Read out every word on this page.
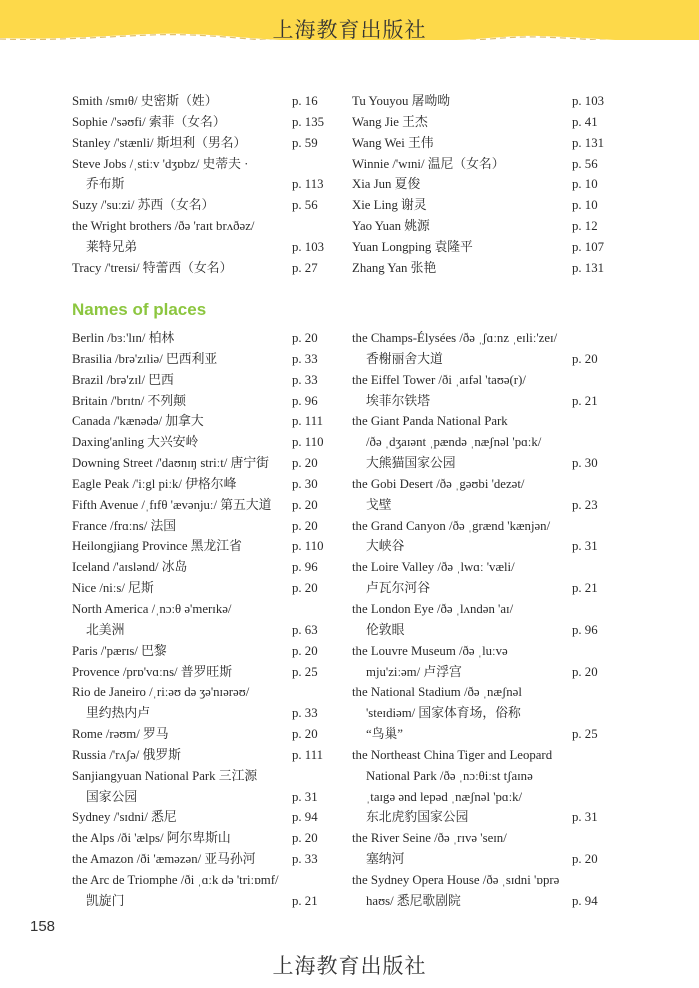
上海教育出版社
Smith /smɪθ/ 史密斯（姓）	p. 16
Sophie /'səʊfi/ 索菲（女名）	p. 135
Stanley /'stænli/ 斯坦利（男名）	p. 59
Steve Jobs /ˌstiːv 'dʒɒbz/ 史蒂夫 ·
乔布斯	p. 113
Suzy /'suːzi/ 苏西（女名）	p. 56
the Wright brothers /ðə 'raɪt brʌðəz/
莱特兄弟	p. 103
Tracy /'treɪsi/ 特蕾西（女名）	p. 27
Tu Youyou 屠呦呦	p. 103
Wang Jie 王杰	p. 41
Wang Wei 王伟	p. 131
Winnie /'wɪni/ 温尼（女名）	p. 56
Xia Jun 夏俊	p. 10
Xie Ling 谢灵	p. 10
Yao Yuan 姚源	p. 12
Yuan Longping 袁隆平	p. 107
Zhang Yan 张艳	p. 131
Names of places
Berlin /bɜː'lɪn/ 柏林	p. 20
Brasilia /brə'zɪliə/ 巴西利亚	p. 33
Brazil /brə'zɪl/ 巴西	p. 33
Britain /'brɪtn/ 不列颠	p. 96
Canada /'kænədə/ 加拿大	p. 111
Daxing'anling 大兴安岭	p. 110
Downing Street /'daʊnɪŋ striːt/ 唐宁街 p. 20
Eagle Peak /'iːgl piːk/ 伊格尔峰	p. 30
Fifth Avenue /ˌfɪfθ 'ævənjuː/ 第五大道 p. 20
France /frɑːns/ 法国	p. 20
Heilongjiang Province 黑龙江省	p. 110
Iceland /'aɪslənd/ 冰岛	p. 96
Nice /niːs/ 尼斯	p. 20
North America /ˌnɔːθ ə'merɪkə/
北美洲	p. 63
Paris /'pærɪs/ 巴黎	p. 20
Provence /prɒ'vɑːns/ 普罗旺斯	p. 25
Rio de Janeiro /ˌriːəʊ də ʒə'nɪərəʊ/
里约热内卢	p. 33
Rome /rəʊm/ 罗马	p. 20
Russia /'rʌʃə/ 俄罗斯	p. 111
Sanjiangyuan National Park 三江源
国家公园	p. 31
Sydney /'sɪdni/ 悉尼	p. 94
the Alps /ði 'ælps/ 阿尔卑斯山	p. 20
the Amazon /ði 'æməzən/ 亚马孙河	p. 33
the Arc de Triomphe /ði ˌɑːk də 'triːɒmf/
凯旋门	p. 21
the Champs-Élysées /ðə ˌʃɑːnz ˌeɪliː'zeɪ/
香榭丽舍大道	p. 20
the Eiffel Tower /ði ˌaɪfəl 'taʊə(r)/
埃菲尔铁塔	p. 21
the Giant Panda National Park
/ðə ˌdʒaɪənt ˌpændə ˌnæʃnəl 'pɑːk/
大熊猫国家公园	p. 30
the Gobi Desert /ðə ˌgəʊbi 'dezət/
戈壁	p. 23
the Grand Canyon /ðə ˌgrænd 'kænjən/
大峡谷	p. 31
the Loire Valley /ðə ˌlwɑː 'væli/
卢瓦尔河谷	p. 21
the London Eye /ðə ˌlʌndən 'aɪ/
伦敦眼	p. 96
the Louvre Museum /ðə ˌluːvə
mju'ziːəm/ 卢浮宫	p. 20
the National Stadium /ðə ˌnæʃnəl
'steɪdiəm/ 国家体育场，俗称
“鸟巢”	p. 25
the Northeast China Tiger and Leopard
National Park /ðə ˌnɔːθiːst tʃaɪnə
ˌtaɪgə ənd lepəd ˌnæʃnəl 'pɑːk/
东北虎豹国家公园	p. 31
the River Seine /ðə ˌrɪvə 'seɪn/
塞纳河	p. 20
the Sydney Opera House /ðə ˌsɪdni 'ɒprə
haʊs/ 悉尼歌剧院	p. 94
158
上海教育出版社
